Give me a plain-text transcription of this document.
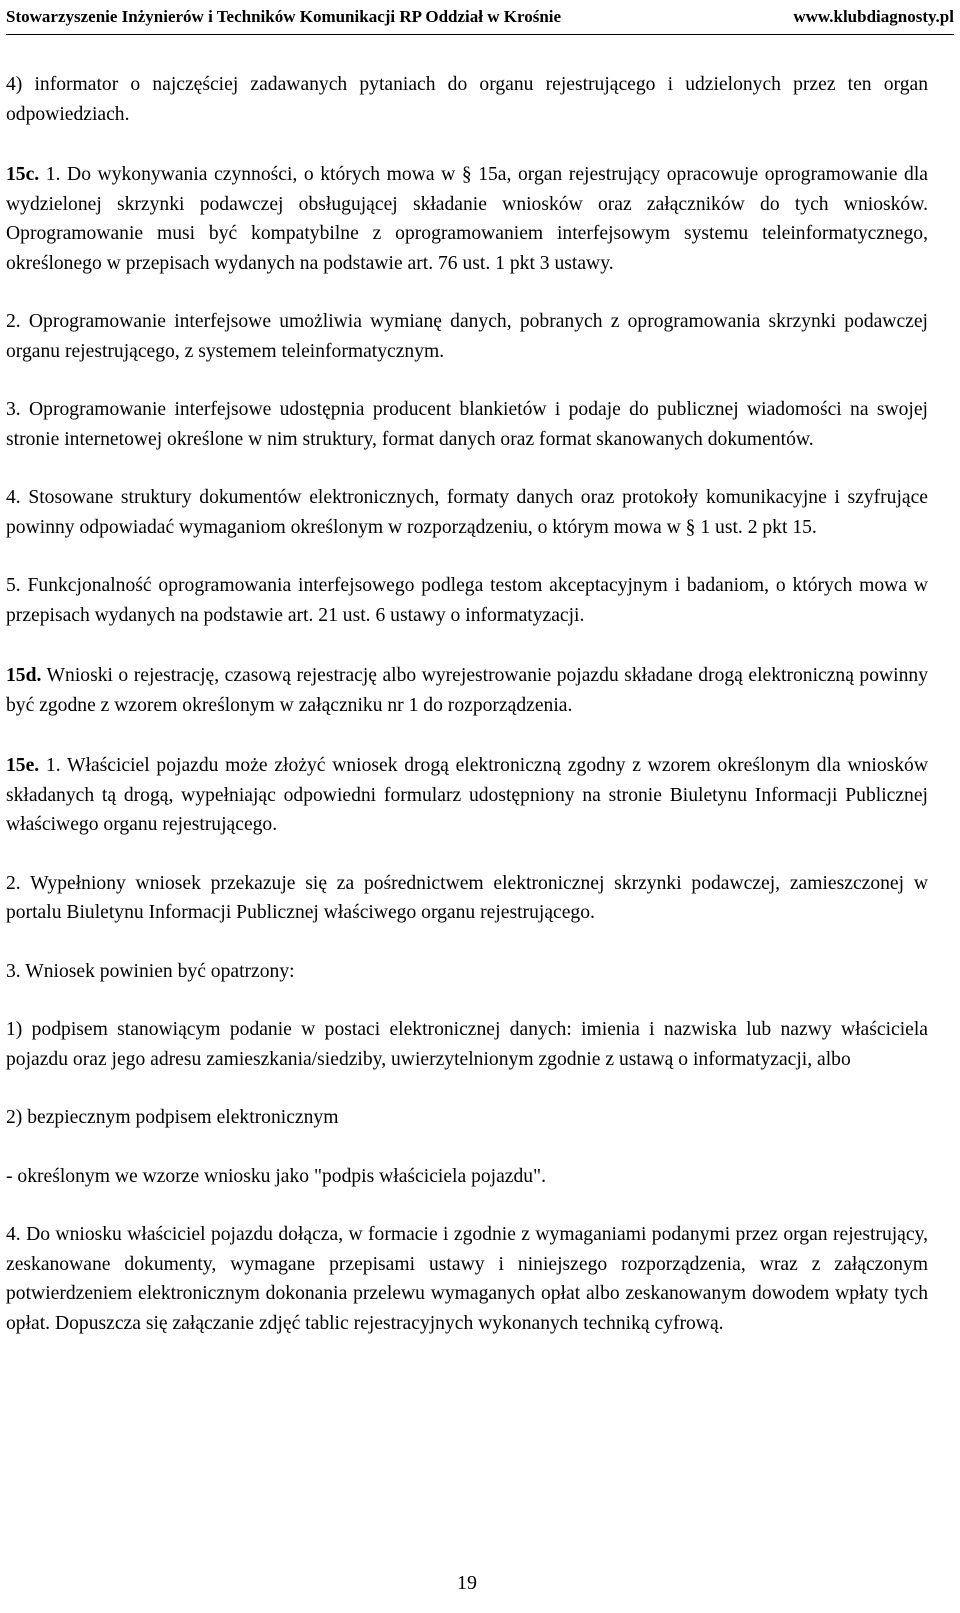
Stowarzyszenie Inżynierów i Techników Komunikacji RP Oddział w Krośnie	www.klubdiagnosty.pl

4) informator o najczęściej zadawanych pytaniach do organu rejestrującego i udzielonych przez ten organ odpowiedziach.

15c. 1. Do wykonywania czynności, o których mowa w § 15a, organ rejestrujący opracowuje oprogramowanie dla wydzielonej skrzynki podawczej obsługującej składanie wniosków oraz załączników do tych wniosków. Oprogramowanie musi być kompatybilne z oprogramowaniem interfejsowym systemu teleinformatycznego, określonego w przepisach wydanych na podstawie art. 76 ust. 1 pkt 3 ustawy.

2. Oprogramowanie interfejsowe umożliwia wymianę danych, pobranych z oprogramowania skrzynki podawczej organu rejestrującego, z systemem teleinformatycznym.

3. Oprogramowanie interfejsowe udostępnia producent blankietów i podaje do publicznej wiadomości na swojej stronie internetowej określone w nim struktury, format danych oraz format skanowanych dokumentów.

4. Stosowane struktury dokumentów elektronicznych, formaty danych oraz protokoły komunikacyjne i szyfrujące powinny odpowiadać wymaganiom określonym w rozporządzeniu, o którym mowa w § 1 ust. 2 pkt 15.

5. Funkcjonalność oprogramowania interfejsowego podlega testom akceptacyjnym i badaniom, o których mowa w przepisach wydanych na podstawie art. 21 ust. 6 ustawy o informatyzacji.

15d. Wnioski o rejestrację, czasową rejestrację albo wyrejestrowanie pojazdu składane drogą elektroniczną powinny być zgodne z wzorem określonym w załączniku nr 1 do rozporządzenia.

15e. 1. Właściciel pojazdu może złożyć wniosek drogą elektroniczną zgodny z wzorem określonym dla wniosków składanych tą drogą, wypełniając odpowiedni formularz udostępniony na stronie Biuletynu Informacji Publicznej właściwego organu rejestrującego.

2. Wypełniony wniosek przekazuje się za pośrednictwem elektronicznej skrzynki podawczej, zamieszczonej w portalu Biuletynu Informacji Publicznej właściwego organu rejestrującego.

3. Wniosek powinien być opatrzony:

1) podpisem stanowiącym podanie w postaci elektronicznej danych: imienia i nazwiska lub nazwy właściciela pojazdu oraz jego adresu zamieszkania/siedziby, uwierzytelnionym zgodnie z ustawą o informatyzacji, albo

2) bezpiecznym podpisem elektronicznym

- określonym we wzorze wniosku jako "podpis właściciela pojazdu".

4. Do wniosku właściciel pojazdu dołącza, w formacie i zgodnie z wymaganiami podanymi przez organ rejestrujący, zeskanowane dokumenty, wymagane przepisami ustawy i niniejszego rozporządzenia, wraz z załączonym potwierdzeniem elektronicznym dokonania przelewu wymaganych opłat albo zeskanowanym dowodem wpłaty tych opłat. Dopuszcza się załączanie zdjęć tablic rejestracyjnych wykonanych techniką cyfrową.

19
